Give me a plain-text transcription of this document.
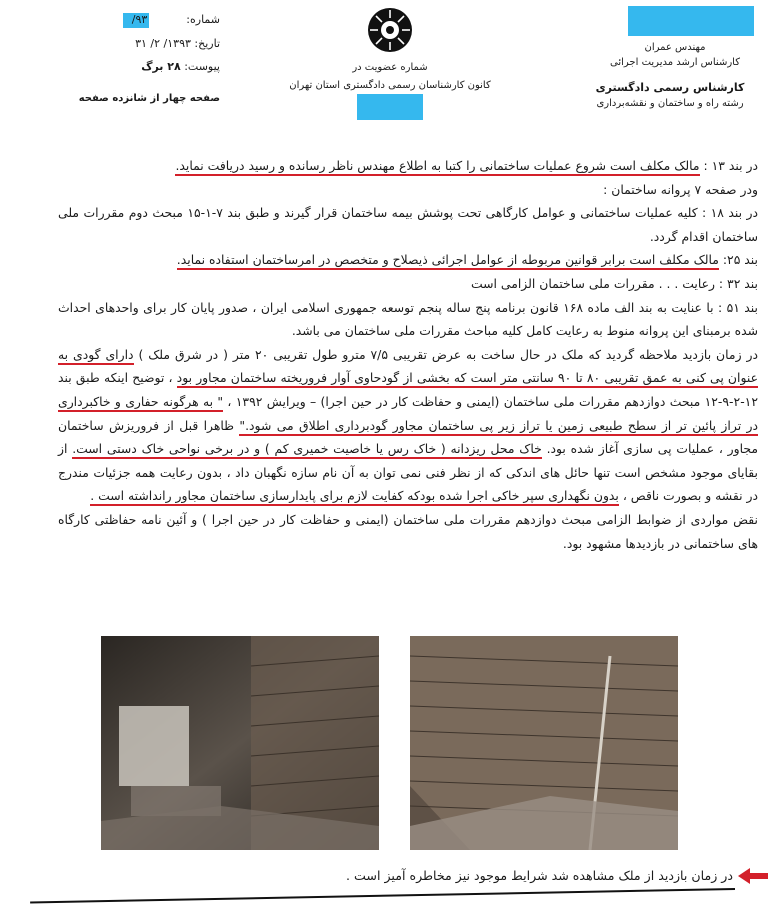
شماره:  ۹۳/
تاریخ: ۱۳۹۳/ ۲/ ۳۱
پیوست: ۲۸ برگ
صفحه چهار از شانزده صفحه
شماره عضویت در
کانون کارشناسان رسمی دادگستری استان تهران
مهندس عمران
کارشناس ارشد مدیریت اجرائی
کارشناس رسمی دادگستری
رشته راه و ساختمان و نقشه‌برداری

در بند ۱۳ : مالک مکلف است شروع عملیات ساختمانی را کتبا به اطلاع مهندس ناظر رسانده و رسید دریافت نماید.

ودر صفحه ۷ پروانه ساختمان :

در بند ۱۸ : کلیه عملیات ساختمانی و عوامل کارگاهی تحت پوشش بیمه ساختمان قرار گیرند و طبق بند ۷-۱-۱۵ مبحث دوم مقررات ملی ساختمان اقدام گردد.

بند ۲۵: مالک مکلف است برابر قوانین مربوطه از عوامل اجرائی ذیصلاح و متخصص در امرساختمان استفاده نماید.

بند ۳۲ : رعایت . . . مقررات ملی ساختمان الزامی است

بند ۵۱ : با عنایت به بند الف ماده ۱۶۸ قانون برنامه پنج ساله پنجم توسعه جمهوری اسلامی ایران ، صدور پایان کار برای واحدهای احداث شده برمبنای این پروانه منوط به رعایت کامل کلیه مباحث مقررات ملی ساختمان می باشد.

در زمان بازدید ملاحظه گردید که ملک در حال ساخت به عرض تقریبی ۷/۵ مترو طول تقریبی ۲۰ متر ( در شرق ملک ) دارای گودی به عنوان پی کنی به عمق تقریبی ۸۰ تا ۹۰ سانتی متر است که بخشی از گودحاوی آوار فروریخته ساختمان مجاور بود ، توضیح اینکه طبق بند ۱۲-۲-۹-۱۲ مبحث دوازدهم مقررات ملی ساختمان (ایمنی و حفاظت کار در حین اجرا) – ویرایش ۱۳۹۲ ، " به هرگونه حفاری و خاکبرداری در تراز پائین تر از سطح طبیعی زمین یا تراز زیر پی ساختمان مجاور گودبرداری اطلاق می شود." ظاهرا قبل از فروریزش ساختمان مجاور ، عملیات پی سازی آغاز شده بود. خاک محل ریزدانه ( خاک رس یا خاصیت خمیری کم ) و در برخی نواحی خاک دستی است. از بقایای موجود مشخص است تنها حائل های اندکی که از نظر فنی نمی توان به آن نام سازه نگهبان داد ، بدون رعایت همه جزئیات مندرج در نقشه و بصورت ناقص ، بدون نگهداری سپر خاکی اجرا شده بودکه کفایت لازم برای پایدارسازی ساختمان مجاور رانداشته است .

نقض مواردی از ضوابط الزامی مبحث دوازدهم مقررات ملی ساختمان (ایمنی و حفاظت کار در حین اجرا ) و آئین نامه حفاظتی کارگاه های ساختمانی در بازدیدها مشهود بود.

در زمان بازدید از ملک مشاهده شد شرایط موجود نیز مخاطره آمیز است .
